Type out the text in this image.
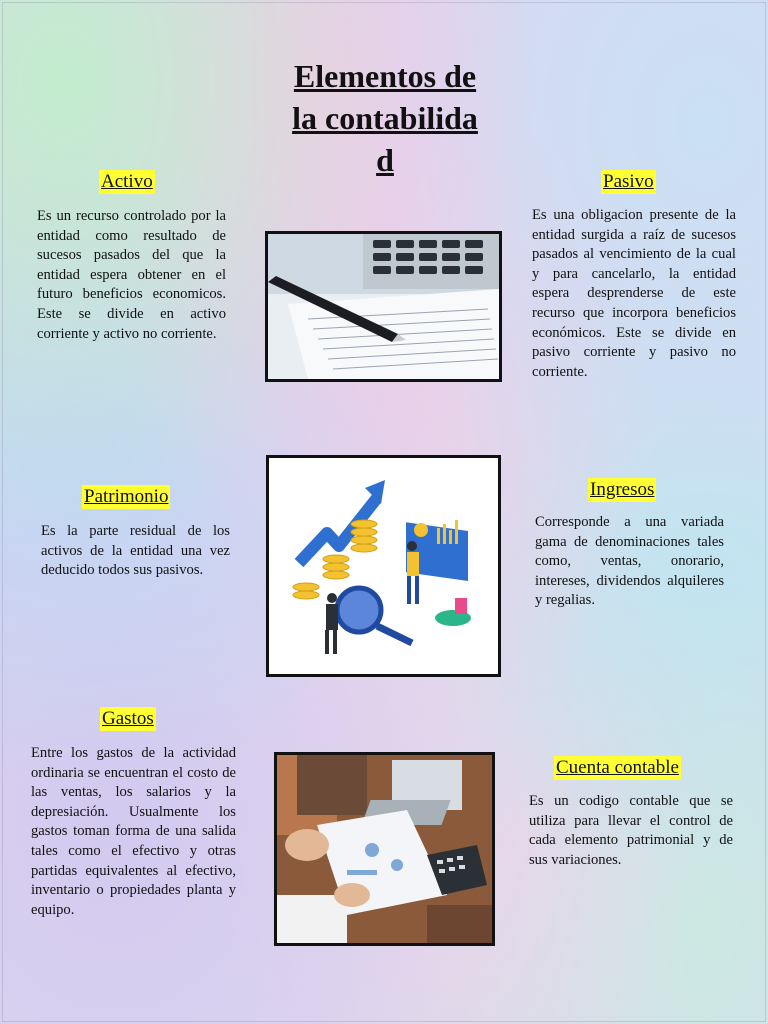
Elementos de la contabilidad
Activo

Es un recurso controlado por la entidad como resultado de sucesos pasados del que la entidad espera obtener en el futuro beneficios economicos. Este se divide en activo corriente y activo no corriente.

Pasivo

Es una obligacion presente de la entidad surgida a raíz de sucesos pasados al vencimiento de la cual y para cancelarlo, la entidad espera desprenderse de este recurso que incorpora beneficios económicos. Este se divide en pasivo corriente y pasivo no corriente.

Patrimonio

Es la parte residual de los activos de la entidad una vez deducido todos sus pasivos.

Ingresos

Corresponde a una variada gama de denominaciones tales como, ventas, onorario, intereses, dividendos alquileres y regalias.

Gastos

Entre los gastos de la actividad ordinaria se encuentran el costo de las ventas, los salarios y la depresiación. Usualmente los gastos toman forma de una salida tales como el efectivo y otras partidas equivalentes al efectivo, inventario o propiedades planta y equipo.

Cuenta contable

Es un codigo contable que se utiliza para llevar el control de cada elemento patrimonial y de sus variaciones.
